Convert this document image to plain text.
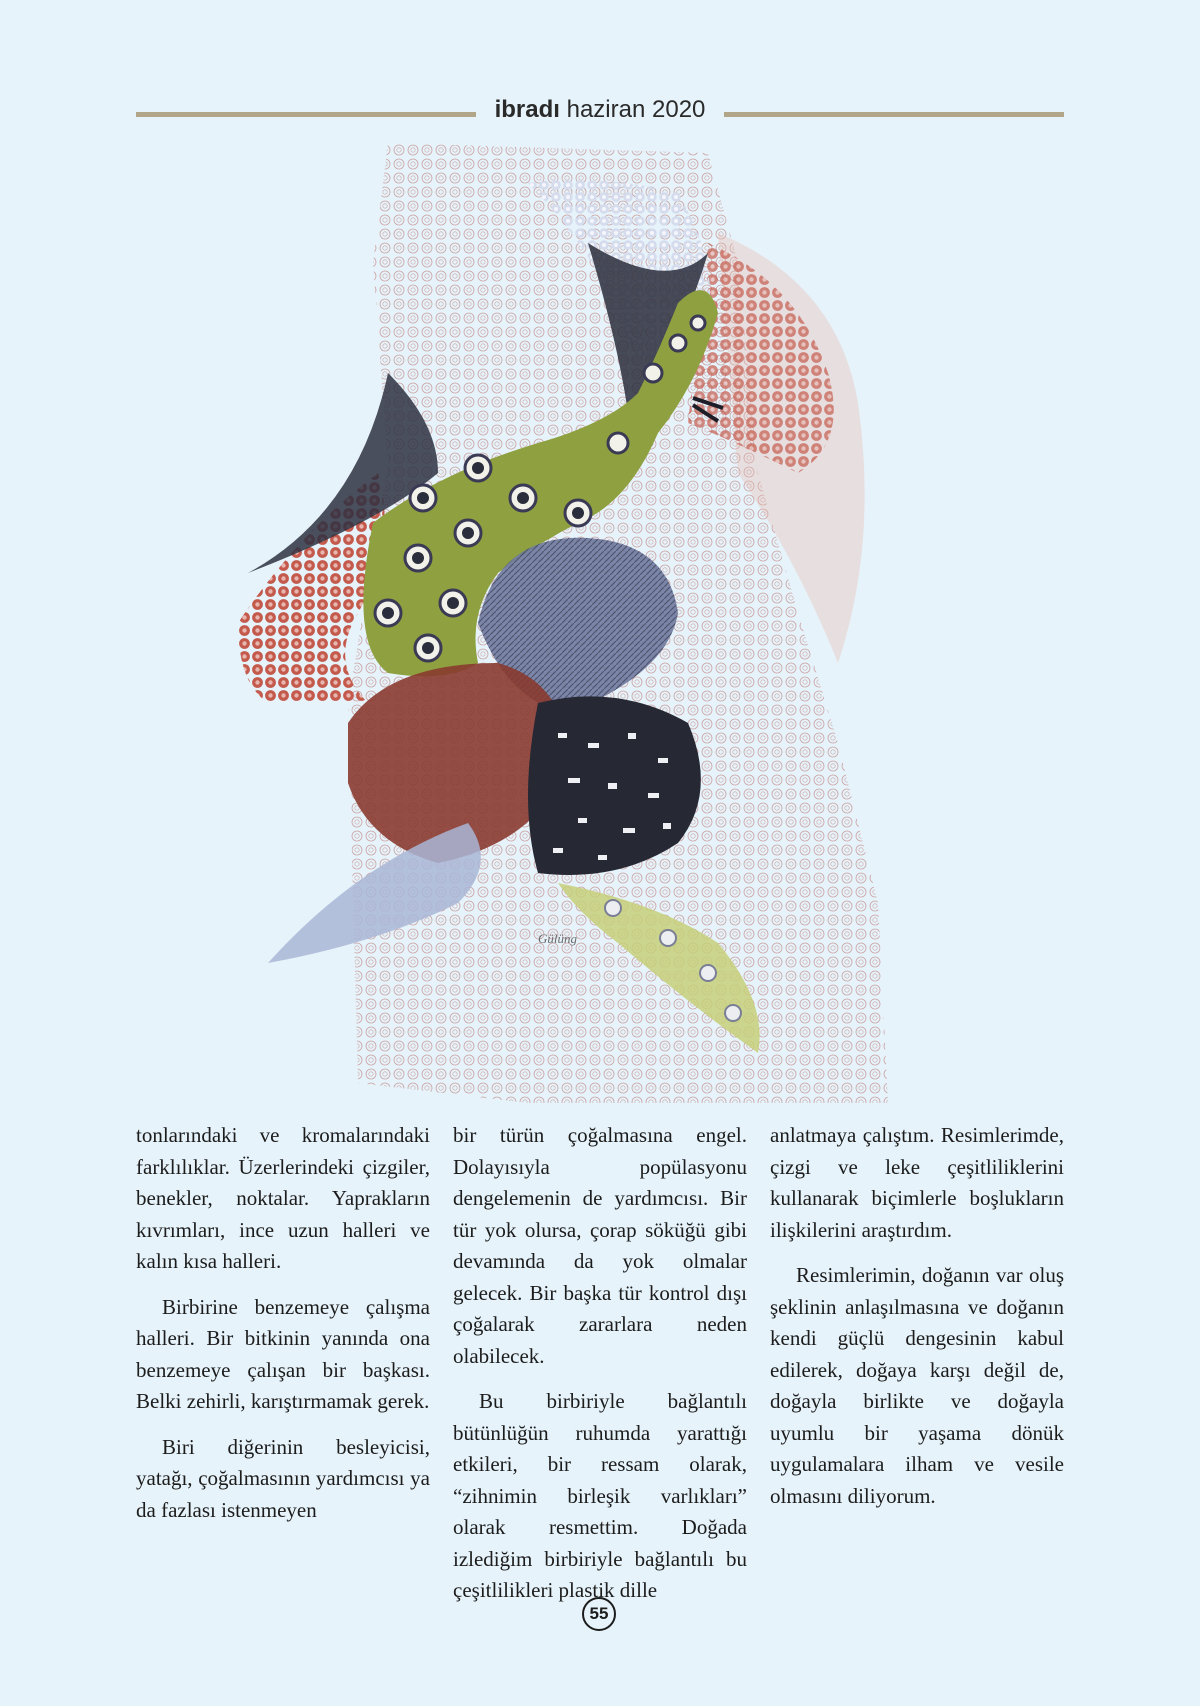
ibradı haziran 2020
Gülüng

tonlarındaki ve kromalarındaki farklılıklar. Üzerlerindeki çizgiler, benekler, noktalar. Yaprakların kıvrımları, ince uzun halleri ve kalın kısa halleri.

Birbirine benzemeye çalışma halleri. Bir bitkinin yanında ona benzemeye çalışan bir başkası. Belki zehirli, karıştırmamak gerek.

Biri diğerinin besleyicisi, yatağı, çoğalmasının yardımcısı ya da fazlası istenmeyen

bir türün çoğalmasına engel. Dolayısıyla popülasyonu dengelemenin de yardımcısı. Bir tür yok olursa, çorap söküğü gibi devamında da yok olmalar gelecek. Bir başka tür kontrol dışı çoğalarak zararlara neden olabilecek.

Bu birbiriyle bağlantılı bütünlüğün ruhumda yarattığı etkileri, bir ressam olarak, “zihnimin birleşik varlıkları” olarak resmettim. Doğada izlediğim birbiriyle bağlantılı bu çeşitlilikleri plastik dille

anlatmaya çalıştım. Resimlerimde, çizgi ve leke çeşitliliklerini kullanarak biçimlerle boşlukların ilişkilerini araştırdım.

Resimlerimin, doğanın var oluş şeklinin anlaşılmasına ve doğanın kendi güçlü dengesinin kabul edilerek, doğaya karşı değil de, doğayla birlikte ve doğayla uyumlu bir yaşama dönük uygulamalara ilham ve vesile olmasını diliyorum.

55
